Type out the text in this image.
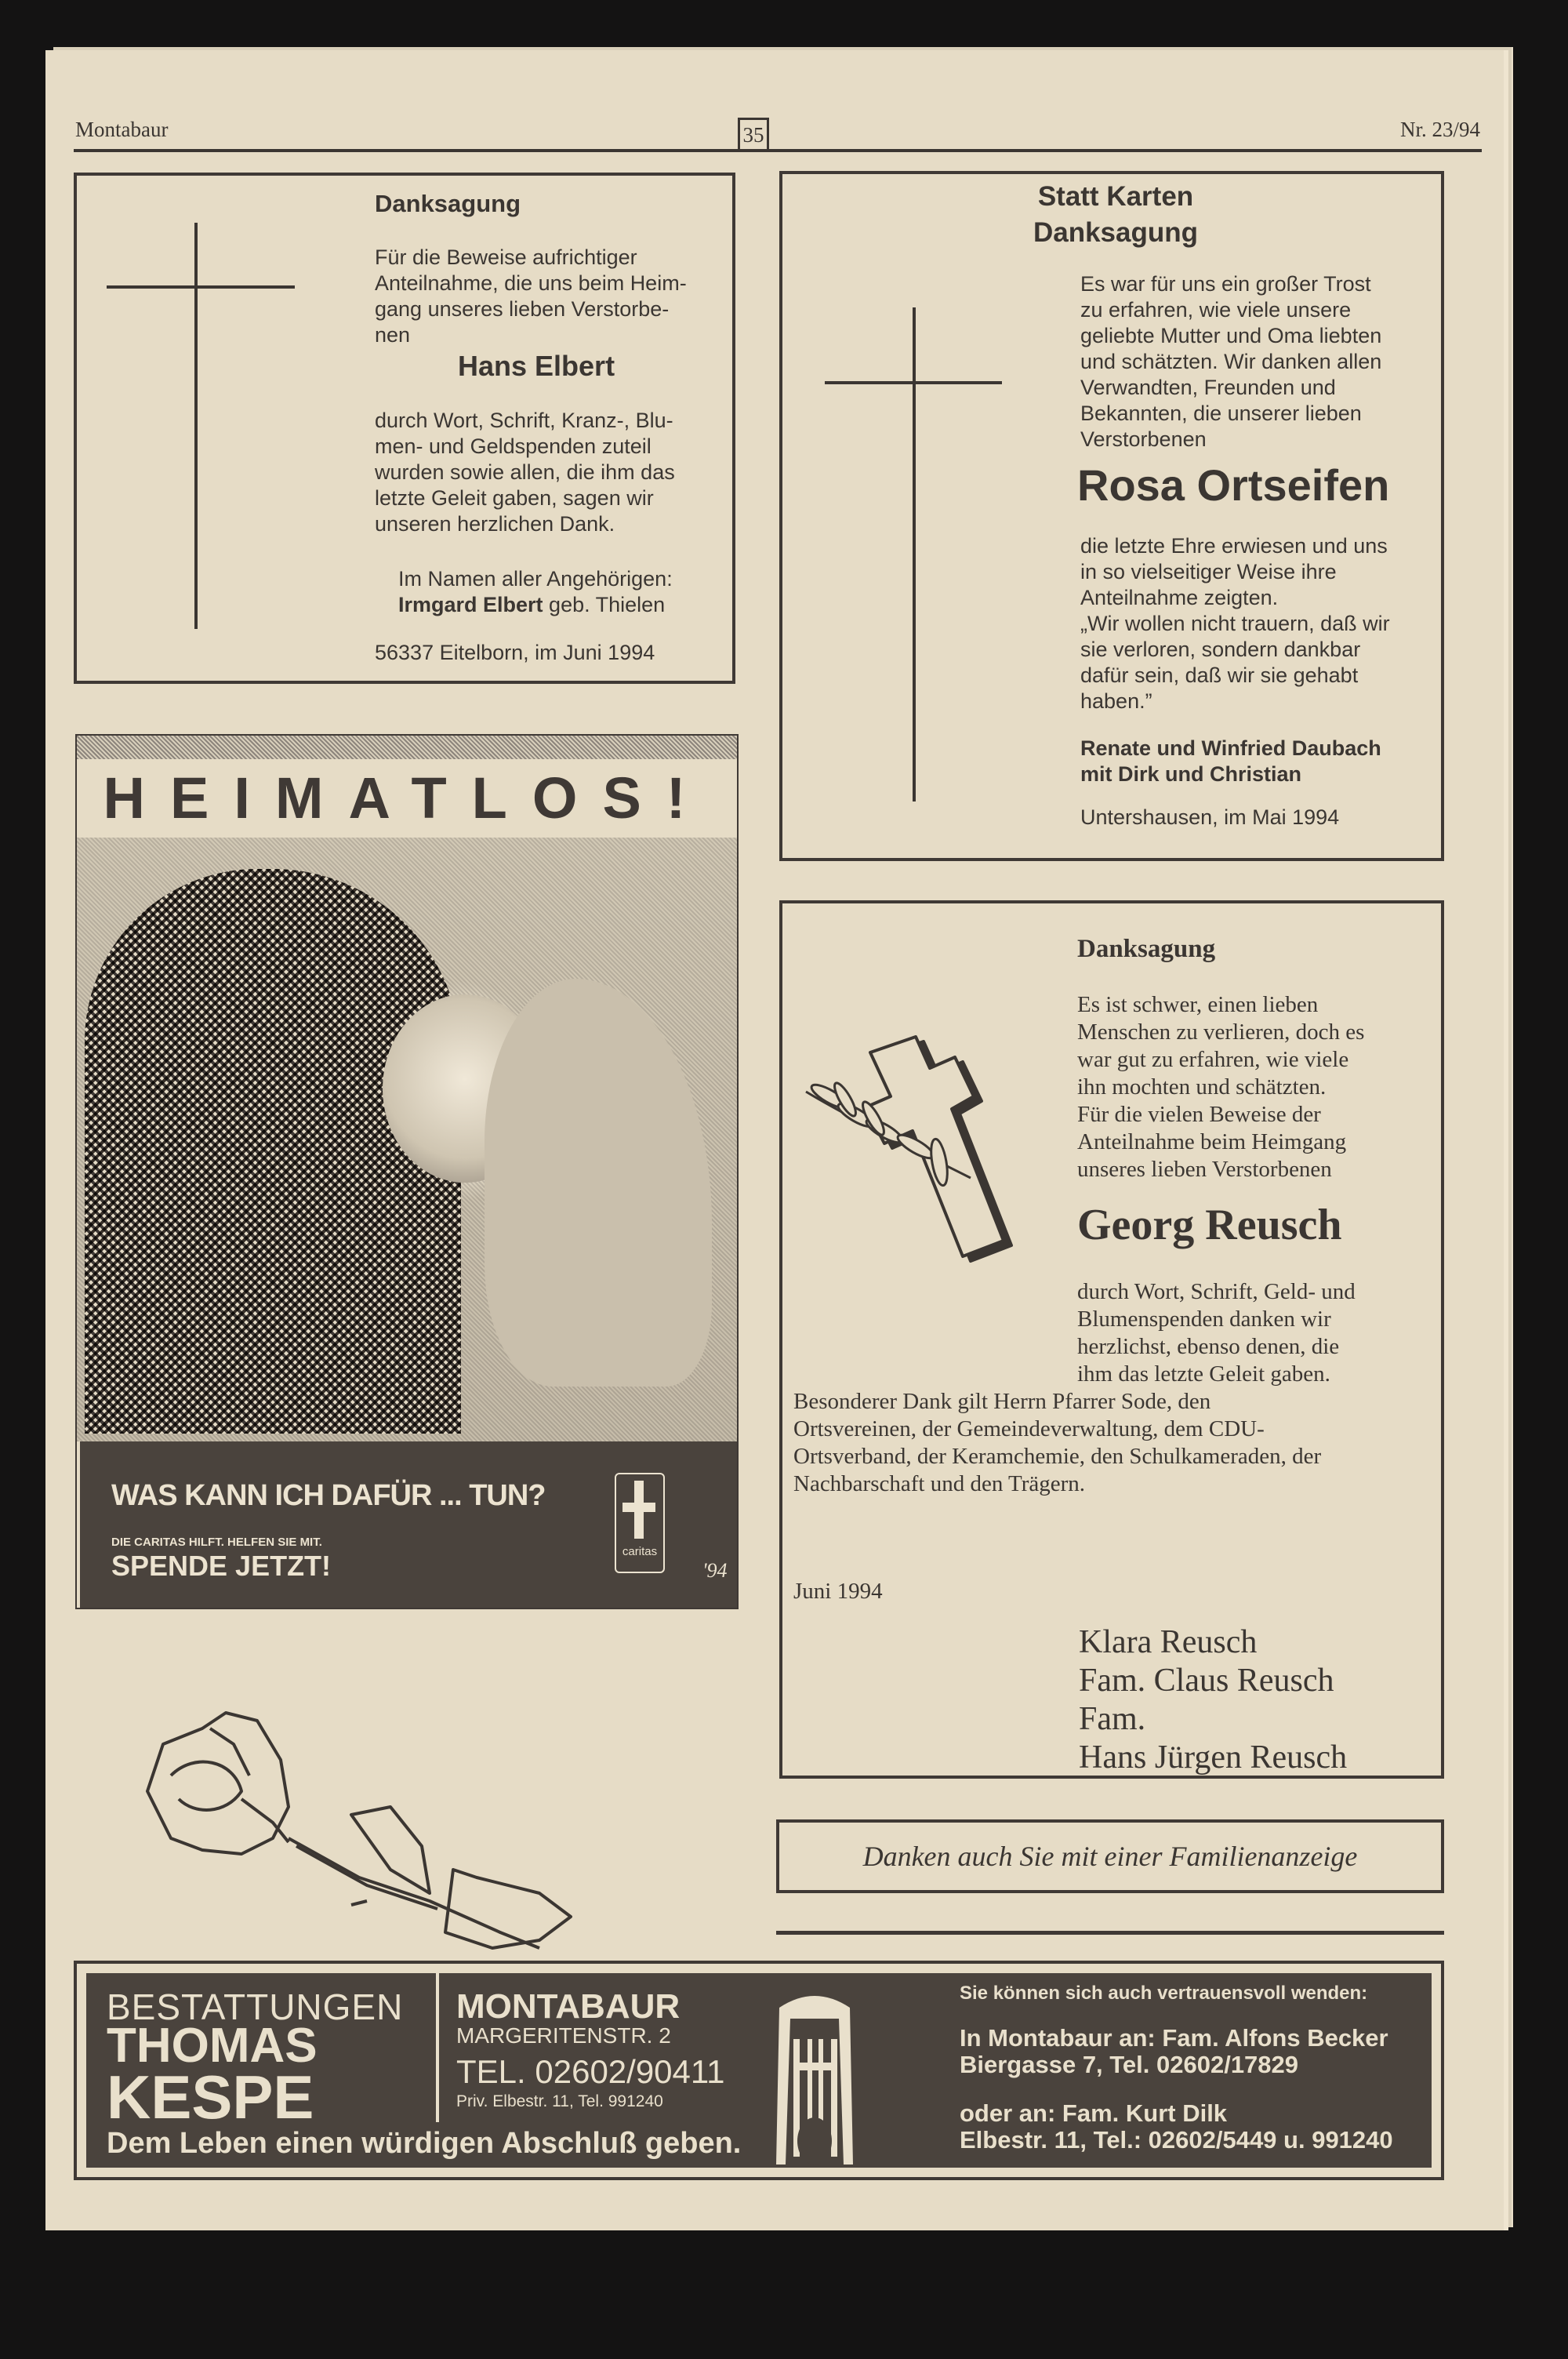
Montabaur	35	Nr. 23/94
Danksagung
Für die Beweise aufrichtiger
Anteilnahme, die uns beim Heim-
gang unseres lieben Verstorbe-
nen
Hans Elbert
durch Wort, Schrift, Kranz-, Blu-
men- und Geldspenden zuteil
wurden sowie allen, die ihm das
letzte Geleit gaben, sagen wir
unseren herzlichen Dank.
Im Namen aller Angehörigen:
Irmgard Elbert geb. Thielen
56337 Eitelborn, im Juni 1994
Statt Karten
Danksagung
Es war für uns ein großer Trost
zu erfahren, wie viele unsere
geliebte Mutter und Oma liebten
und schätzten. Wir danken allen
Verwandten, Freunden und
Bekannten, die unserer lieben
Verstorbenen
Rosa Ortseifen
die letzte Ehre erwiesen und uns
in so vielseitiger Weise ihre
Anteilnahme zeigten.
„Wir wollen nicht trauern, daß wir
sie verloren, sondern dankbar
dafür sein, daß wir sie gehabt
haben.”
Renate und Winfried Daubach
mit Dirk und Christian
Untershausen, im Mai 1994
HEIMATLOS!
WAS KANN ICH DAFÜR ... TUN?
DIE CARITAS HILFT. HELFEN SIE MIT.
SPENDE JETZT!	caritas
'94
Danksagung
Es ist schwer, einen lieben
Menschen zu verlieren, doch es
war gut zu erfahren, wie viele
ihn mochten und schätzten.
Für die vielen Beweise der
Anteilnahme beim Heimgang
unseres lieben Verstorbenen
Georg Reusch
durch Wort, Schrift, Geld- und
Blumenspenden danken wir
herzlichst, ebenso denen, die
ihm das letzte Geleit gaben.
Besonderer Dank gilt Herrn Pfarrer Sode, den
Ortsvereinen, der Gemeindeverwaltung, dem CDU-
Ortsverband, der Keramchemie, den Schulkameraden, der
Nachbarschaft und den Trägern.
Juni 1994
Klara Reusch
Fam. Claus Reusch
Fam.
Hans Jürgen Reusch
Danken auch Sie mit einer Familienanzeige
BESTATTUNGEN
THOMAS
KESPE
Dem Leben einen würdigen Abschluß geben.
MONTABAUR
MARGERITENSTR. 2
TEL. 02602/90411
Priv. Elbestr. 11, Tel. 991240
Sie können sich auch vertrauensvoll wenden:
In Montabaur an: Fam. Alfons Becker
Biergasse 7, Tel. 02602/17829
oder an: Fam. Kurt Dilk
Elbestr. 11, Tel.: 02602/5449 u. 991240
